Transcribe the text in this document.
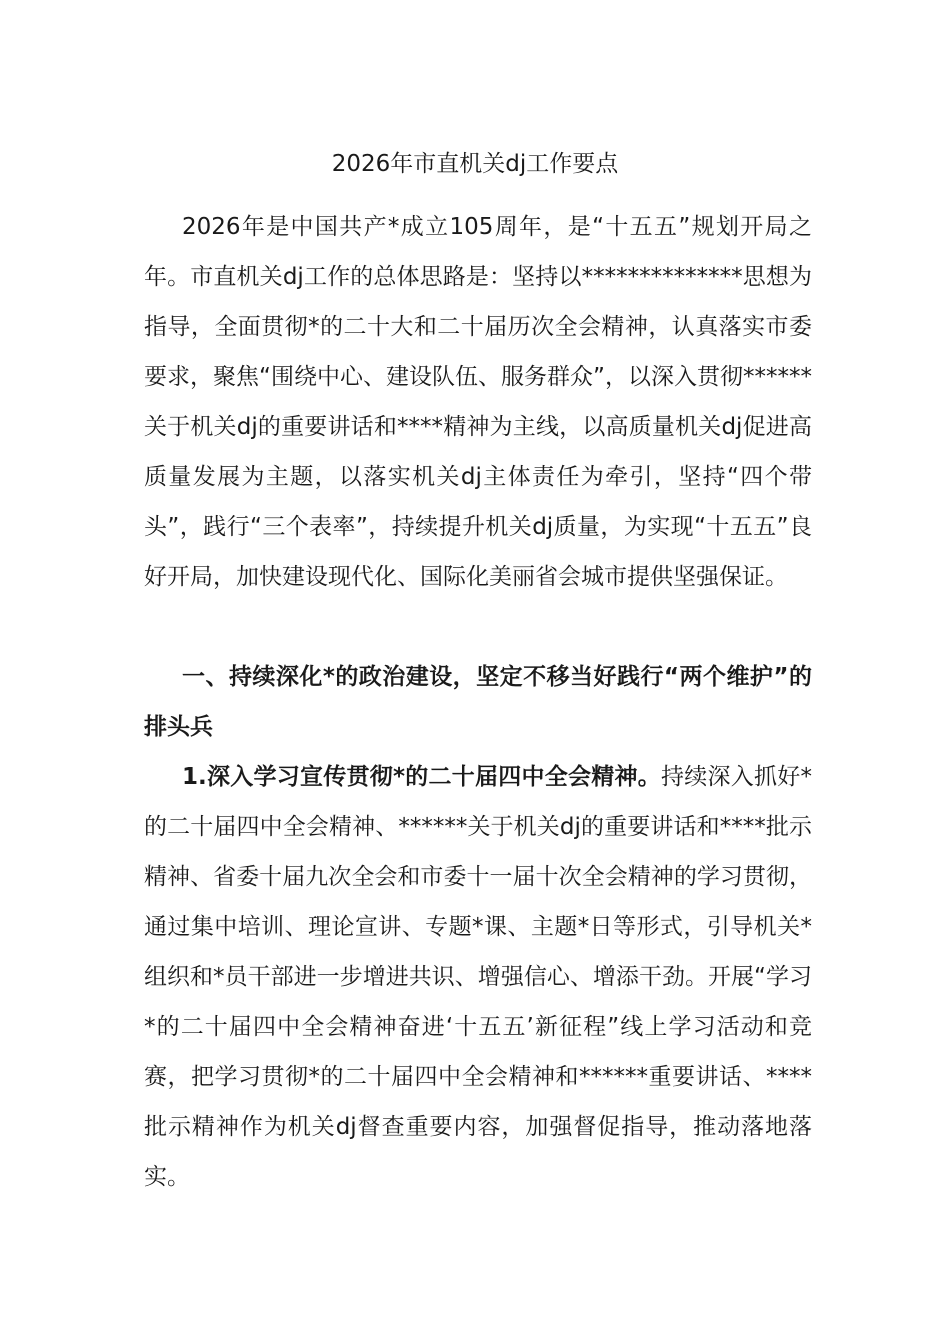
2026年市直机关dj工作要点

2026年是中国共产*成立105周年，是“十五五”规划开局之年。市直机关dj工作的总体思路是：坚持以**************思想为指导，全面贯彻*的二十大和二十届历次全会精神，认真落实市委要求，聚焦“围绕中心、建设队伍、服务群众”，以深入贯彻******关于机关dj的重要讲话和****精神为主线，以高质量机关dj促进高质量发展为主题，以落实机关dj主体责任为牵引，坚持“四个带头”，践行“三个表率”，持续提升机关dj质量，为实现“十五五”良好开局，加快建设现代化、国际化美丽省会城市提供坚强保证。

一、持续深化*的政治建设，坚定不移当好践行“两个维护”的排头兵

1.深入学习宣传贯彻*的二十届四中全会精神。持续深入抓好*的二十届四中全会精神、******关于机关dj的重要讲话和****批示精神、省委十届九次全会和市委十一届十次全会精神的学习贯彻，通过集中培训、理论宣讲、专题*课、主题*日等形式，引导机关*组织和*员干部进一步增进共识、增强信心、增添干劲。开展“学习*的二十届四中全会精神奋进‘十五五’新征程”线上学习活动和竞赛，把学习贯彻*的二十届四中全会精神和******重要讲话、****批示精神作为机关dj督查重要内容，加强督促指导，推动落地落实。
